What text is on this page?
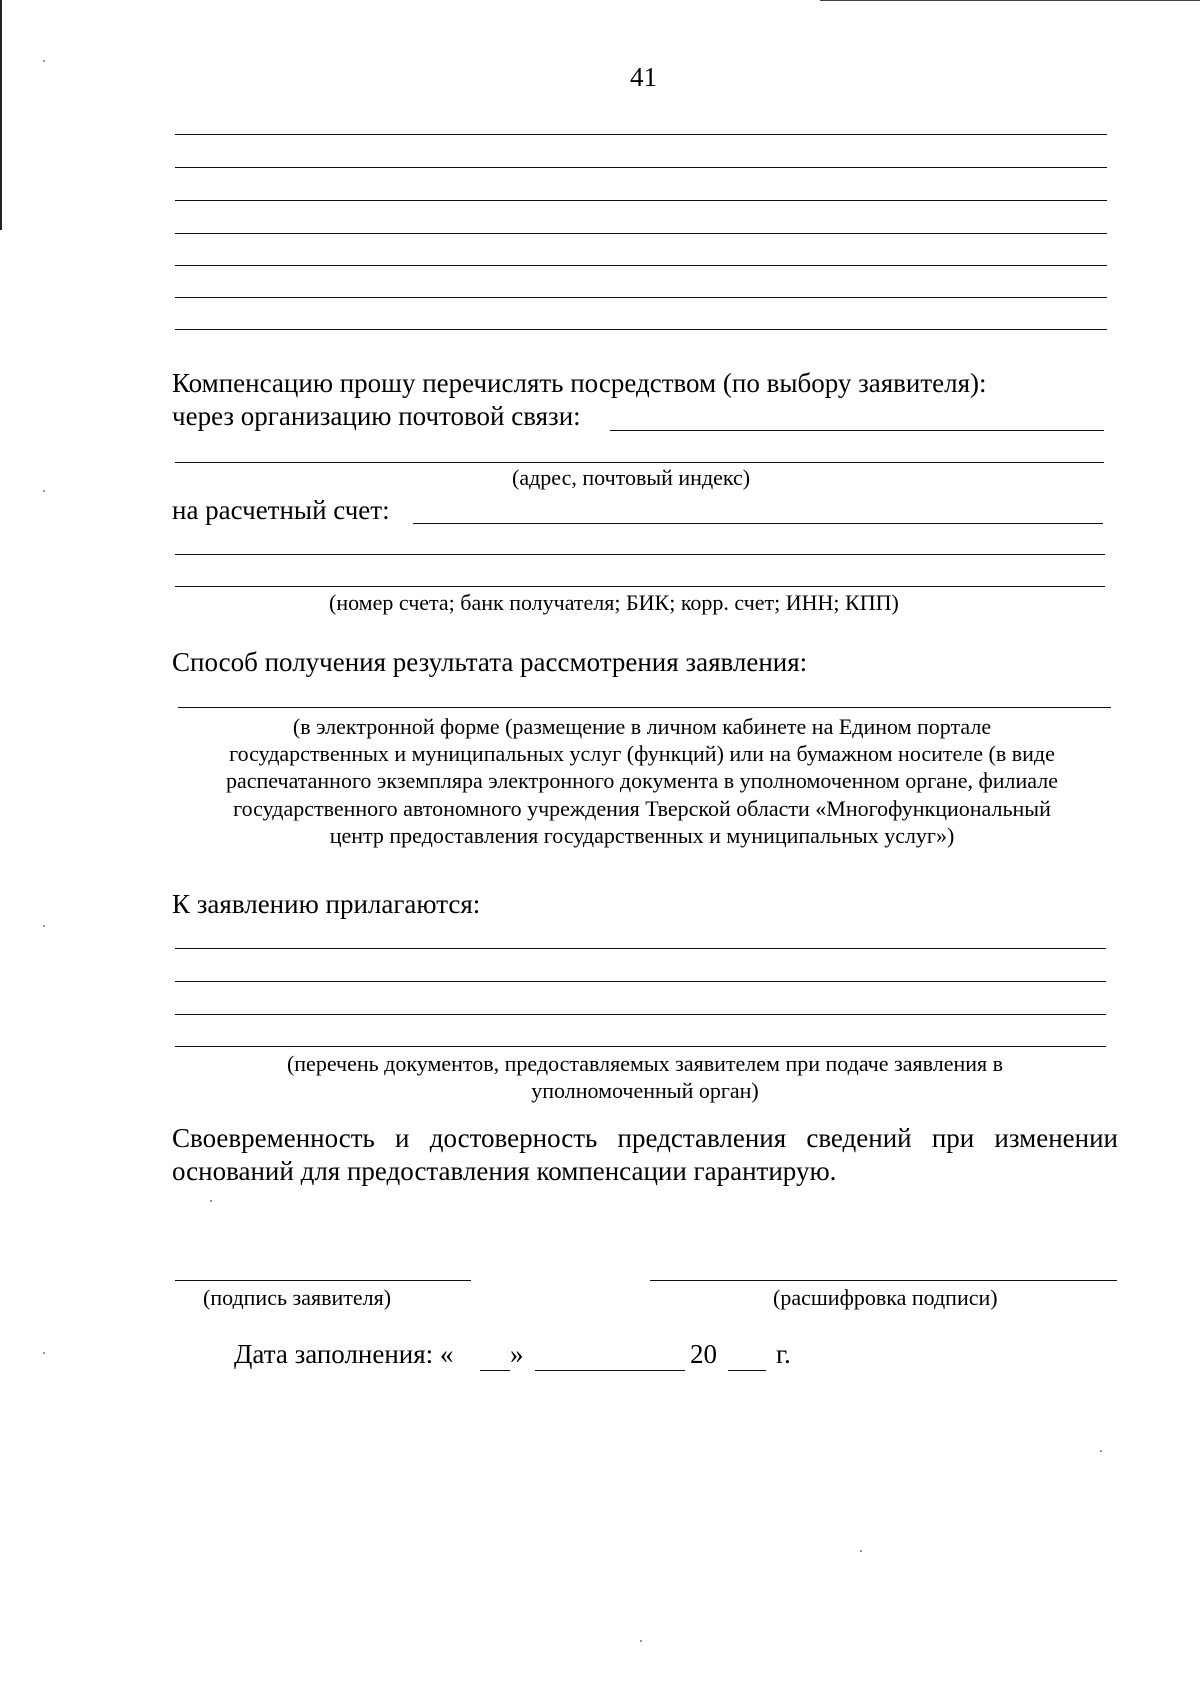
41
Компенсацию прошу перечислять посредством (по выбору заявителя):
через организацию почтовой связи:
(адрес, почтовый индекс)
на расчетный счет:
(номер счета; банк получателя; БИК; корр. счет; ИНН; КПП)
Способ получения результата рассмотрения заявления:
(в электронной форме (размещение в личном кабинете на Едином портале
государственных и муниципальных услуг (функций) или на бумажном носителе (в виде
распечатанного экземпляра электронного документа в уполномоченном органе, филиале
государственного автономного учреждения Тверской области «Многофункциональный
центр предоставления государственных и муниципальных услуг»)
К заявлению прилагаются:
(перечень документов, предоставляемых заявителем при подаче заявления в
уполномоченный орган)
Своевременность и достоверность представления сведений при изменении
оснований для предоставления компенсации гарантирую.
(подпись заявителя)	(расшифровка подписи)
Дата заполнения: « »	20 г.
